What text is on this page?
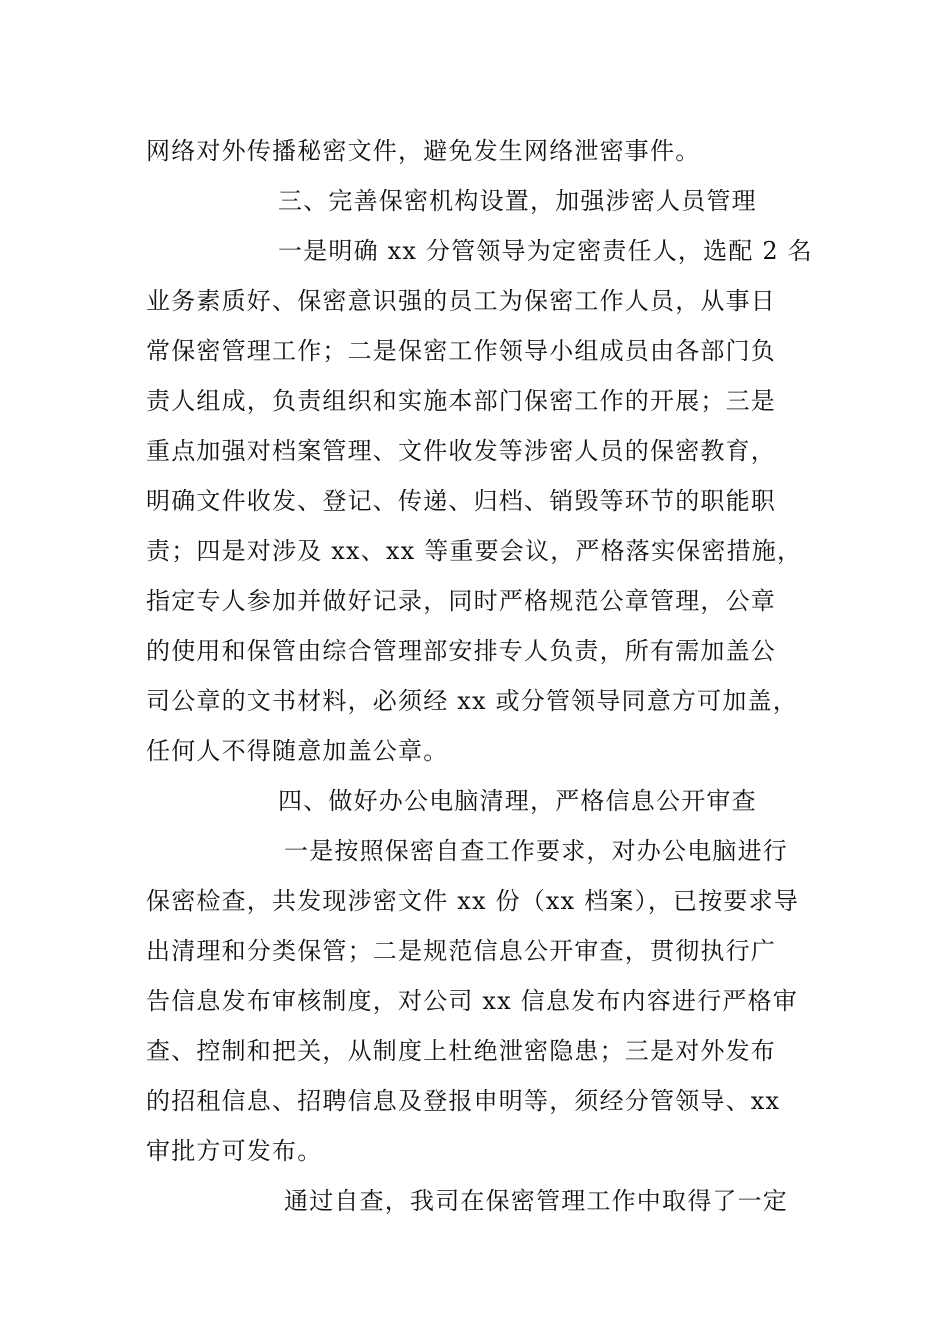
网络对外传播秘密文件，避免发生网络泄密事件。
三、完善保密机构设置，加强涉密人员管理
一是明确 xx 分管领导为定密责任人，选配 2 名
业务素质好、保密意识强的员工为保密工作人员，从事日
常保密管理工作；二是保密工作领导小组成员由各部门负
责人组成，负责组织和实施本部门保密工作的开展；三是
重点加强对档案管理、文件收发等涉密人员的保密教育，
明确文件收发、登记、传递、归档、销毁等环节的职能职
责；四是对涉及 xx、xx 等重要会议，严格落实保密措施，
指定专人参加并做好记录，同时严格规范公章管理，公章
的使用和保管由综合管理部安排专人负责，所有需加盖公
司公章的文书材料，必须经 xx 或分管领导同意方可加盖，
任何人不得随意加盖公章。
四、做好办公电脑清理，严格信息公开审查
一是按照保密自查工作要求，对办公电脑进行
保密检查，共发现涉密文件 xx 份（xx 档案），已按要求导
出清理和分类保管；二是规范信息公开审查，贯彻执行广
告信息发布审核制度，对公司 xx 信息发布内容进行严格审
查、控制和把关，从制度上杜绝泄密隐患；三是对外发布
的招租信息、招聘信息及登报申明等，须经分管领导、xx
审批方可发布。
通过自查，我司在保密管理工作中取得了一定
